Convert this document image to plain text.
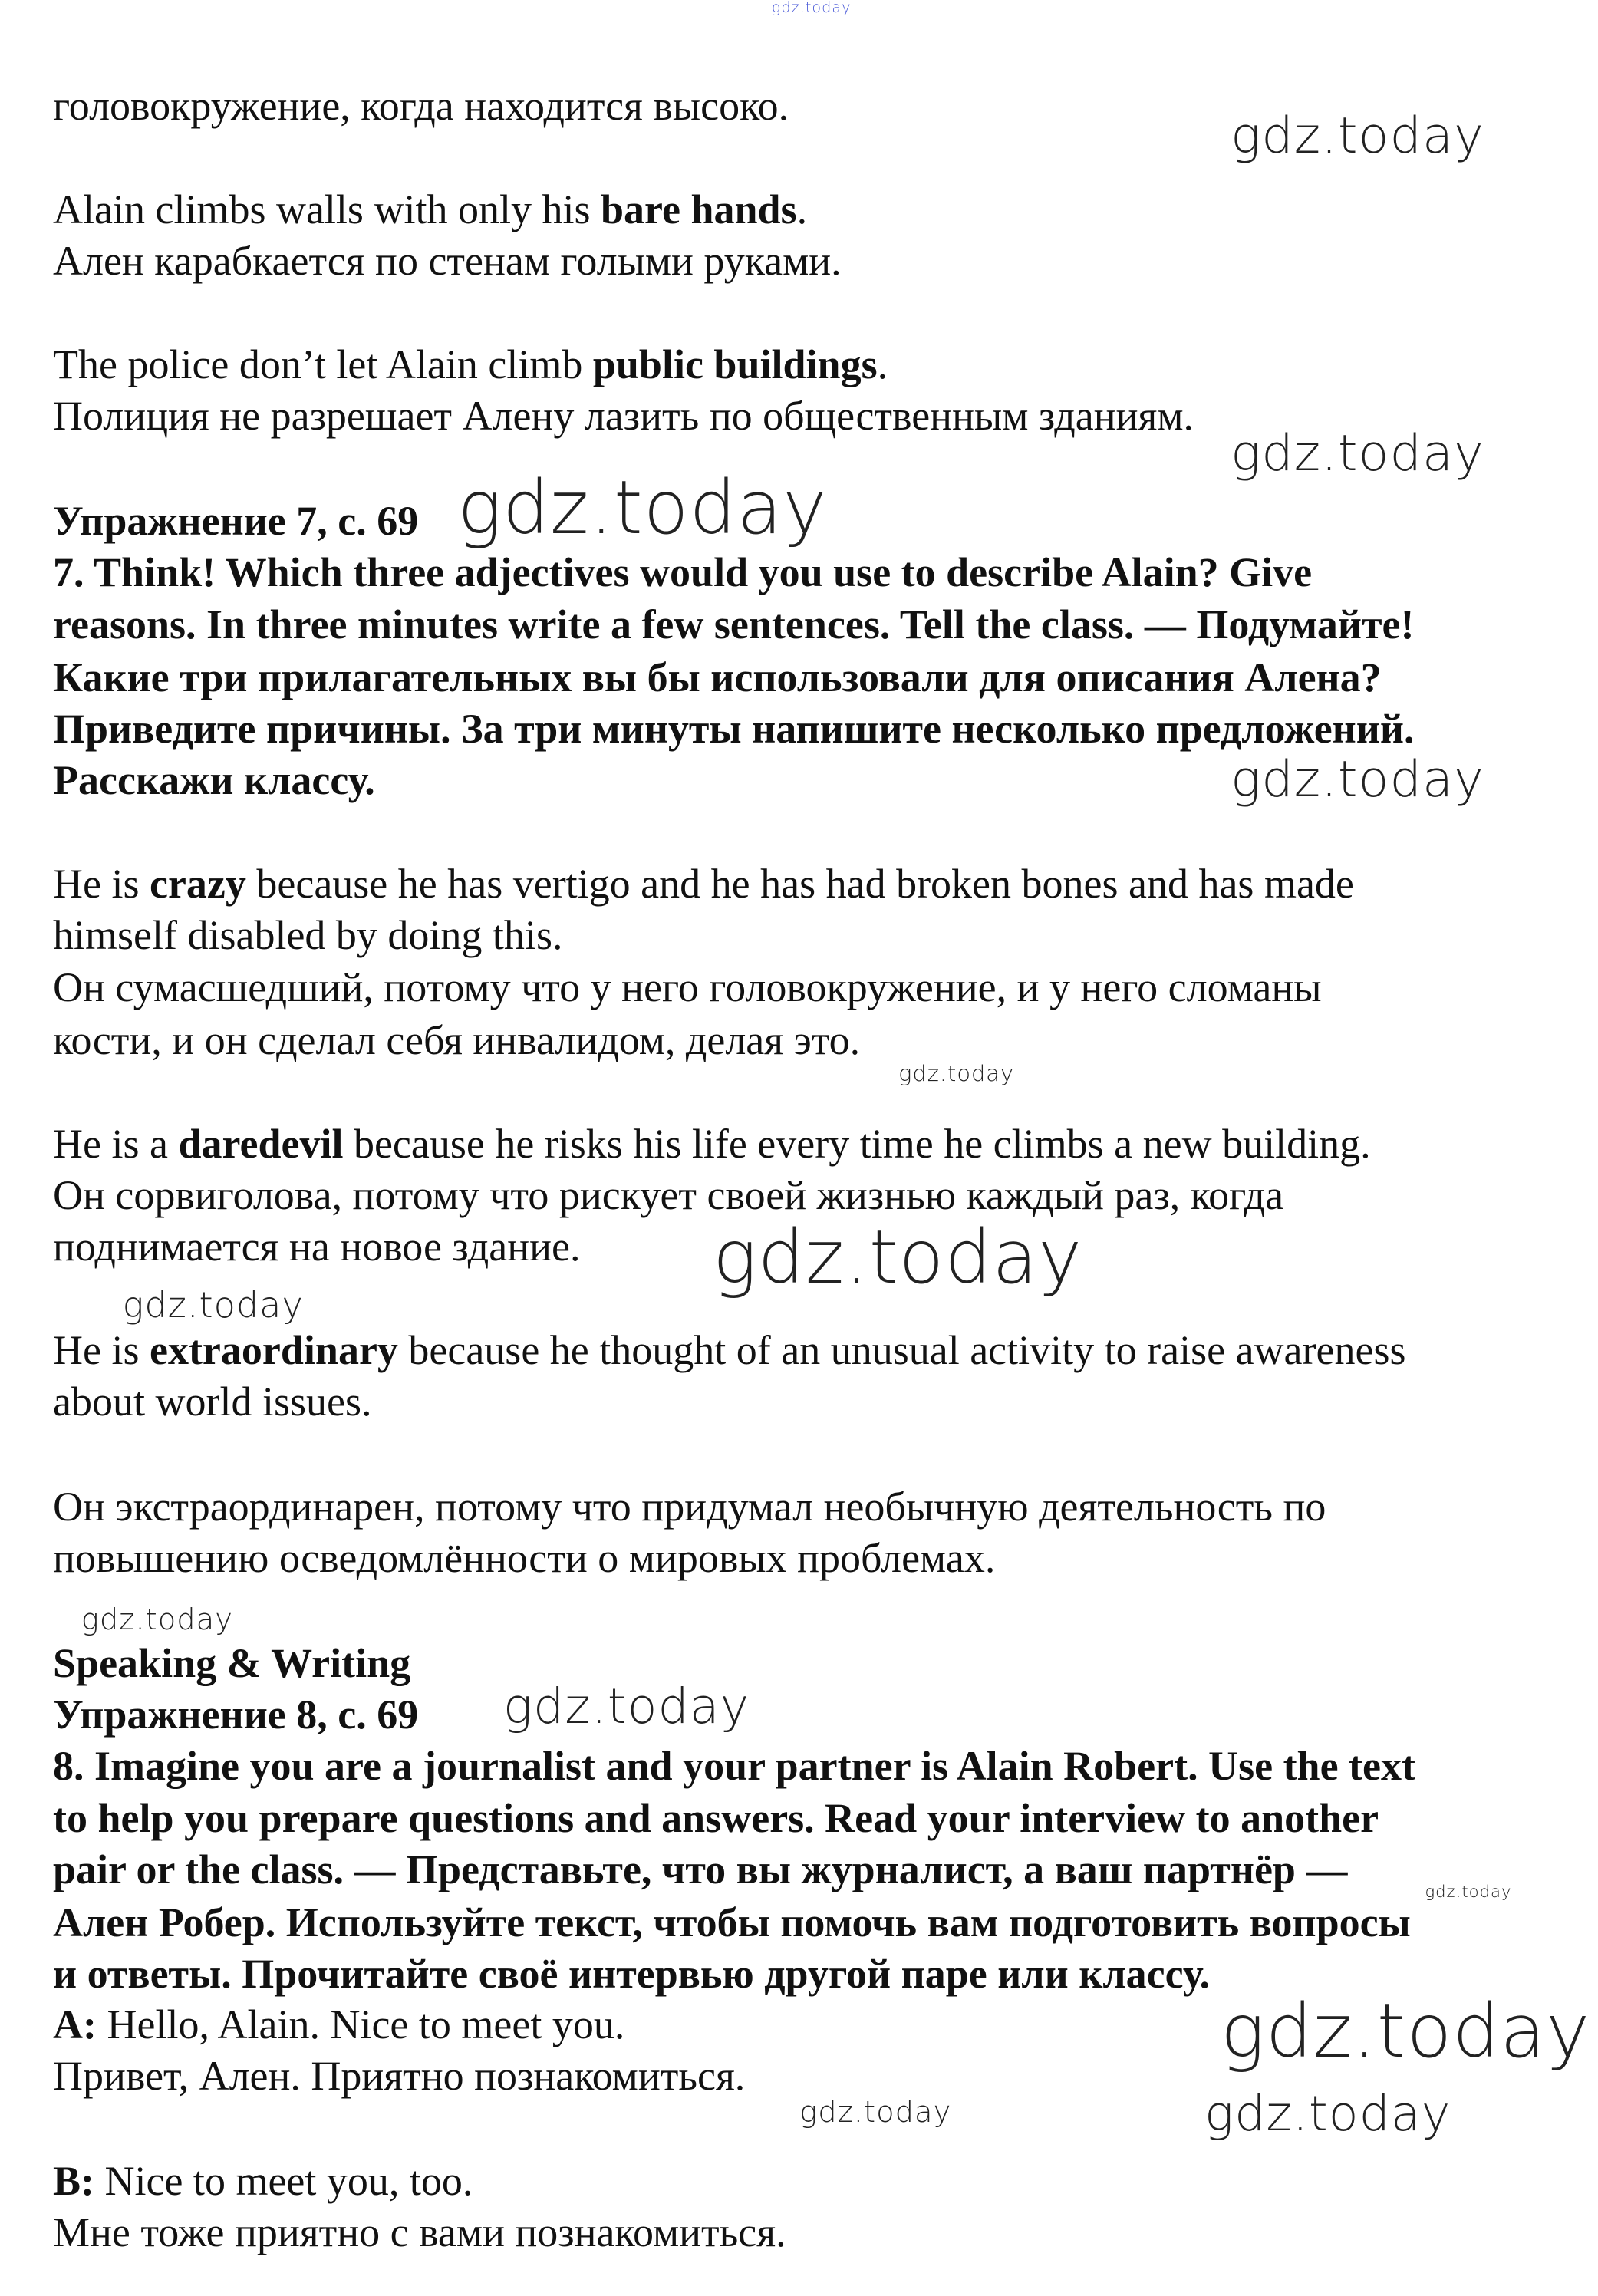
головокружение, когда находится высоко.
Alain climbs walls with only his bare hands.
Ален карабкается по стенам голыми руками.
The police don’t let Alain climb public buildings.
Полиция не разрешает Алену лазить по общественным зданиям.
Упражнение 7, с. 69
7. Think! Which three adjectives would you use to describe Alain? Give
reasons. In three minutes write a few sentences. Tell the class. — Подумайте!
Какие три прилагательных вы бы использовали для описания Алена?
Приведите причины. За три минуты напишите несколько предложений.
Расскажи классу.
He is crazy because he has vertigo and he has had broken bones and has made
himself disabled by doing this.
Он сумасшедший, потому что у него головокружение, и у него сломаны
кости, и он сделал себя инвалидом, делая это.
He is a daredevil because he risks his life every time he climbs a new building.
Он сорвиголова, потому что рискует своей жизнью каждый раз, когда
поднимается на новое здание.
He is extraordinary because he thought of an unusual activity to raise awareness
about world issues.
Он экстраординарен, потому что придумал необычную деятельность по
повышению осведомлённости о мировых проблемах.
Speaking & Writing
Упражнение 8, с. 69
8. Imagine you are a journalist and your partner is Alain Robert. Use the text
to help you prepare questions and answers. Read your interview to another
pair or the class. — Представьте, что вы журналист, а ваш партнёр —
Ален Робер. Используйте текст, чтобы помочь вам подготовить вопросы
и ответы. Прочитайте своё интервью другой паре или классу.
A: Hello, Alain. Nice to meet you.
Привет, Ален. Приятно познакомиться.
B: Nice to meet you, too.
Мне тоже приятно с вами познакомиться.
gdz.today
gdz.today
gdz.today
gdz.today
gdz.today
gdz.today
gdz.today
gdz.today
gdz.today
gdz.today
gdz.today
gdz.today
gdz.today	gdz.today
